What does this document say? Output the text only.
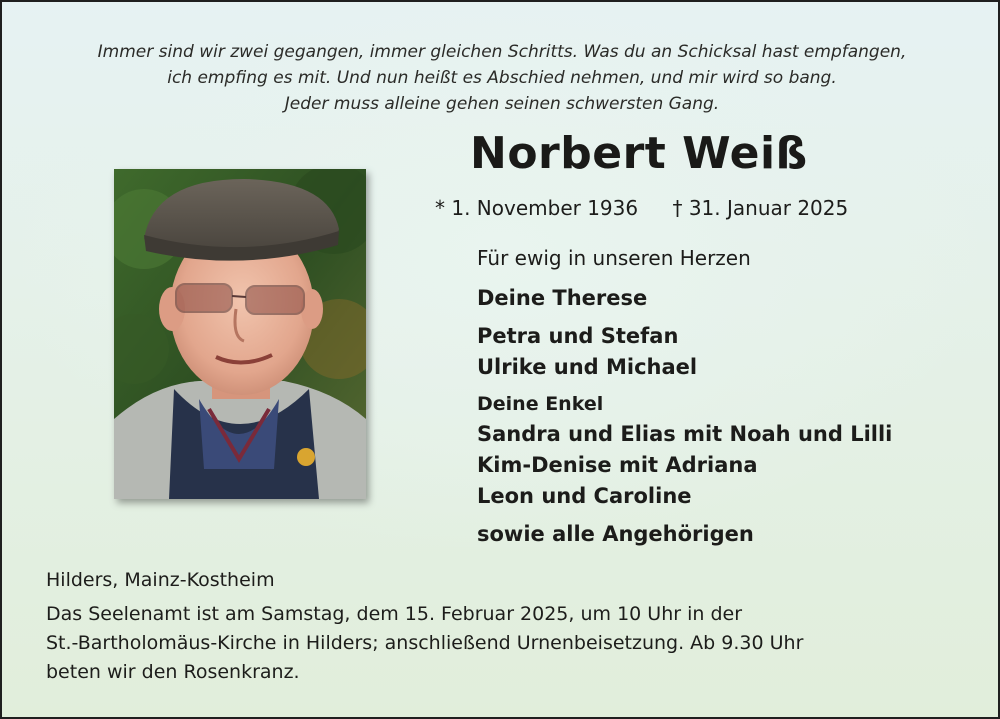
Immer sind wir zwei gegangen, immer gleichen Schritts. Was du an Schicksal hast empfangen,
ich empfing es mit. Und nun heißt es Abschied nehmen, und mir wird so bang.
Jeder muss alleine gehen seinen schwersten Gang.
Norbert Weiß
* 1. November 1936 † 31. Januar 2025
Für ewig in unseren Herzen
Deine Therese
Petra und Stefan
Ulrike und Michael
Deine Enkel
Sandra und Elias mit Noah und Lilli
Kim-Denise mit Adriana
Leon und Caroline
sowie alle Angehörigen
Hilders, Mainz-Kostheim
Das Seelenamt ist am Samstag, dem 15. Februar 2025, um 10 Uhr in der
St.-Bartholomäus-Kirche in Hilders; anschließend Urnenbeisetzung. Ab 9.30 Uhr
beten wir den Rosenkranz.
